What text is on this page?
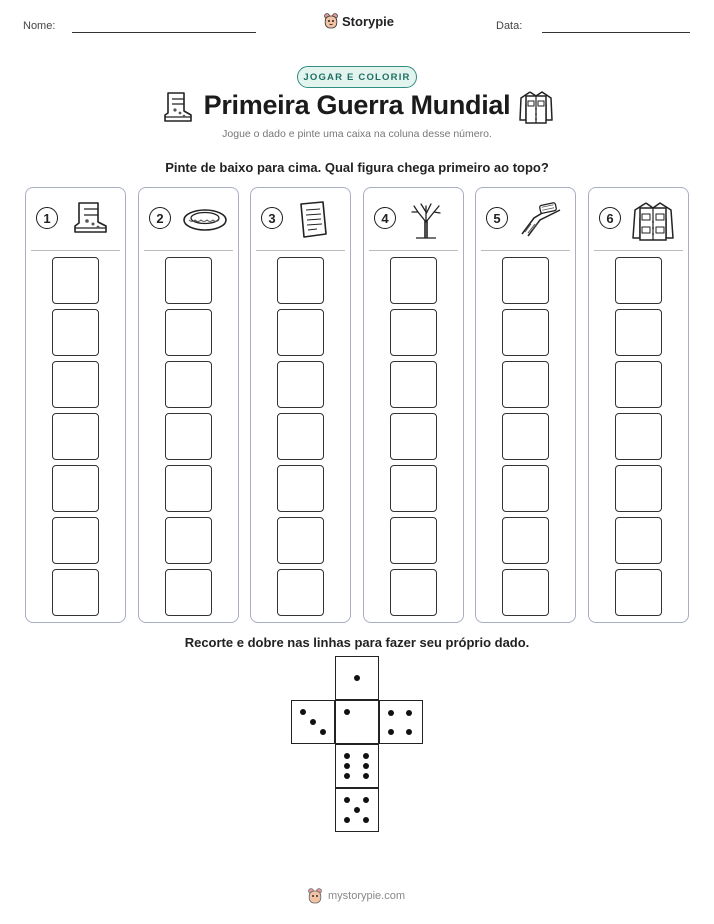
Nome:	Storypie	Data:
JOGAR E COLORIR
Primeira Guerra Mundial
Jogue o dado e pinte uma caixa na coluna desse número.
Pinte de baixo para cima. Qual figura chega primeiro ao topo?
1	2	3	4	5	6
Recorte e dobre nas linhas para fazer seu próprio dado.
mystorypie.com
